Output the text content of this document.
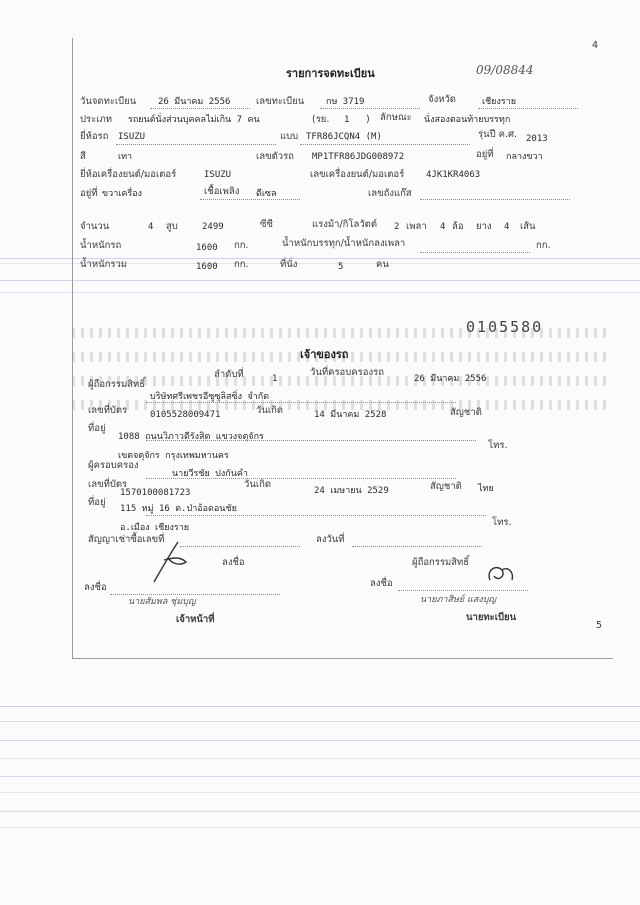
4
09/08844
รายการจดทะเบียน
วันจดทะเบียน 26 มีนาคม 2556	เลขทะเบียน กษ 3719	จังหวัด	เชียงราย
ประเภท รถยนต์นั่งส่วนบุคคลไม่เกิน 7 คน	(รย. 1 ) ลักษณะ นั่งสองตอนท้ายบรรทุก
ยี่ห้อรถ ISUZU	แบบ TFR86JCQN4 (M)	รุ่นปี ค.ศ. 2013
สี	เทา	เลขตัวรถ MP1TFR86JDG008972	อยู่ที่ กลางขวา
ยี่ห้อเครื่องยนต์/มอเตอร์	ISUZU	เลขเครื่องยนต์/มอเตอร์ 4JK1KR4063
อยู่ที่ ขวาเครื่อง	เชื้อเพลิง ดีเซล	เลขถังแก๊ส
จำนวน	4 สูบ	2499	ซีซี	แรงม้า/กิโลวัตต์ 2 เพลา 4 ล้อ ยาง 4 เส้น
น้ำหนักรถ	1600 กก.	น้ำหนักบรรทุก/น้ำหนักลงเพลา	กก.
น้ำหนักรวม	1600 กก.	ที่นั่ง	5	คน
0105580
เจ้าของรถ
ลำดับที่	1
วันที่ครอบครองรถ
26 มีนาคม 2556
ผู้ถือกรรมสิทธิ์
บริษัทศรีเพชรอีซูซุลิสซิ่ง จำกัด
เลขที่บัตร	0105528009471	วันเกิด	14 มีนาคม 2528	สัญชาติ
ที่อยู่
1088 ถนนวิภาวดีรังสิต แขวงจตุจักร
โทร.
เขตจตุจักร กรุงเทพมหานคร
ผู้ครอบครอง
นายวีรชัย ปงกันคำ
เลขที่บัตร
1570100081723
วันเกิด
24 เมษายน 2529	สัญชาติ ไทย
ที่อยู่
115 หมู่ 16 ต.ป่าอ้อดอนชัย
โทร.
อ.เมือง เชียงราย
สัญญาเช่าซื้อเลขที่	ลงวันที่
ลงชื่อ	ผู้ถือกรรมสิทธิ์
ลงชื่อ	ลงชื่อ
นายสัมพล ชุ่มบุญ	นายภาสิษย์ แสงบุญ
เจ้าหน้าที่	นายทะเบียน
5
